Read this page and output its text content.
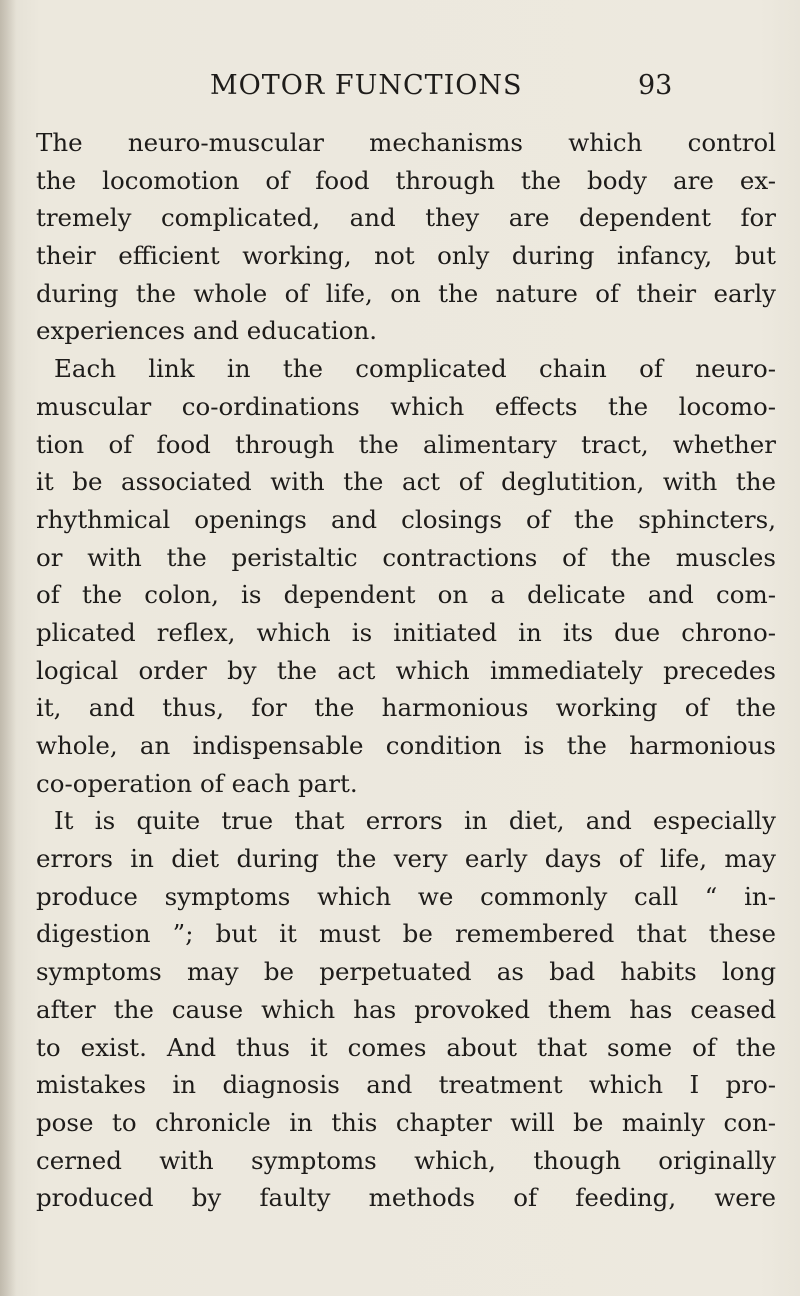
MOTOR FUNCTIONS	93
The neuro-muscular mechanisms which control
the locomotion of food through the body are ex-
tremely complicated, and they are dependent for
their efficient working, not only during infancy, but
during the whole of life, on the nature of their early
experiences and education.
Each link in the complicated chain of neuro-
muscular co-ordinations which effects the locomo-
tion of food through the alimentary tract, whether
it be associated with the act of deglutition, with the
rhythmical openings and closings of the sphincters,
or with the peristaltic contractions of the muscles
of the colon, is dependent on a delicate and com-
plicated reflex, which is initiated in its due chrono-
logical order by the act which immediately precedes
it, and thus, for the harmonious working of the
whole, an indispensable condition is the harmonious
co-operation of each part.
It is quite true that errors in diet, and especially
errors in diet during the very early days of life, may
produce symptoms which we commonly call “ in-
digestion ”; but it must be remembered that these
symptoms may be perpetuated as bad habits long
after the cause which has provoked them has ceased
to exist. And thus it comes about that some of the
mistakes in diagnosis and treatment which I pro-
pose to chronicle in this chapter will be mainly con-
cerned with symptoms which, though originally
produced by faulty methods of feeding, were
